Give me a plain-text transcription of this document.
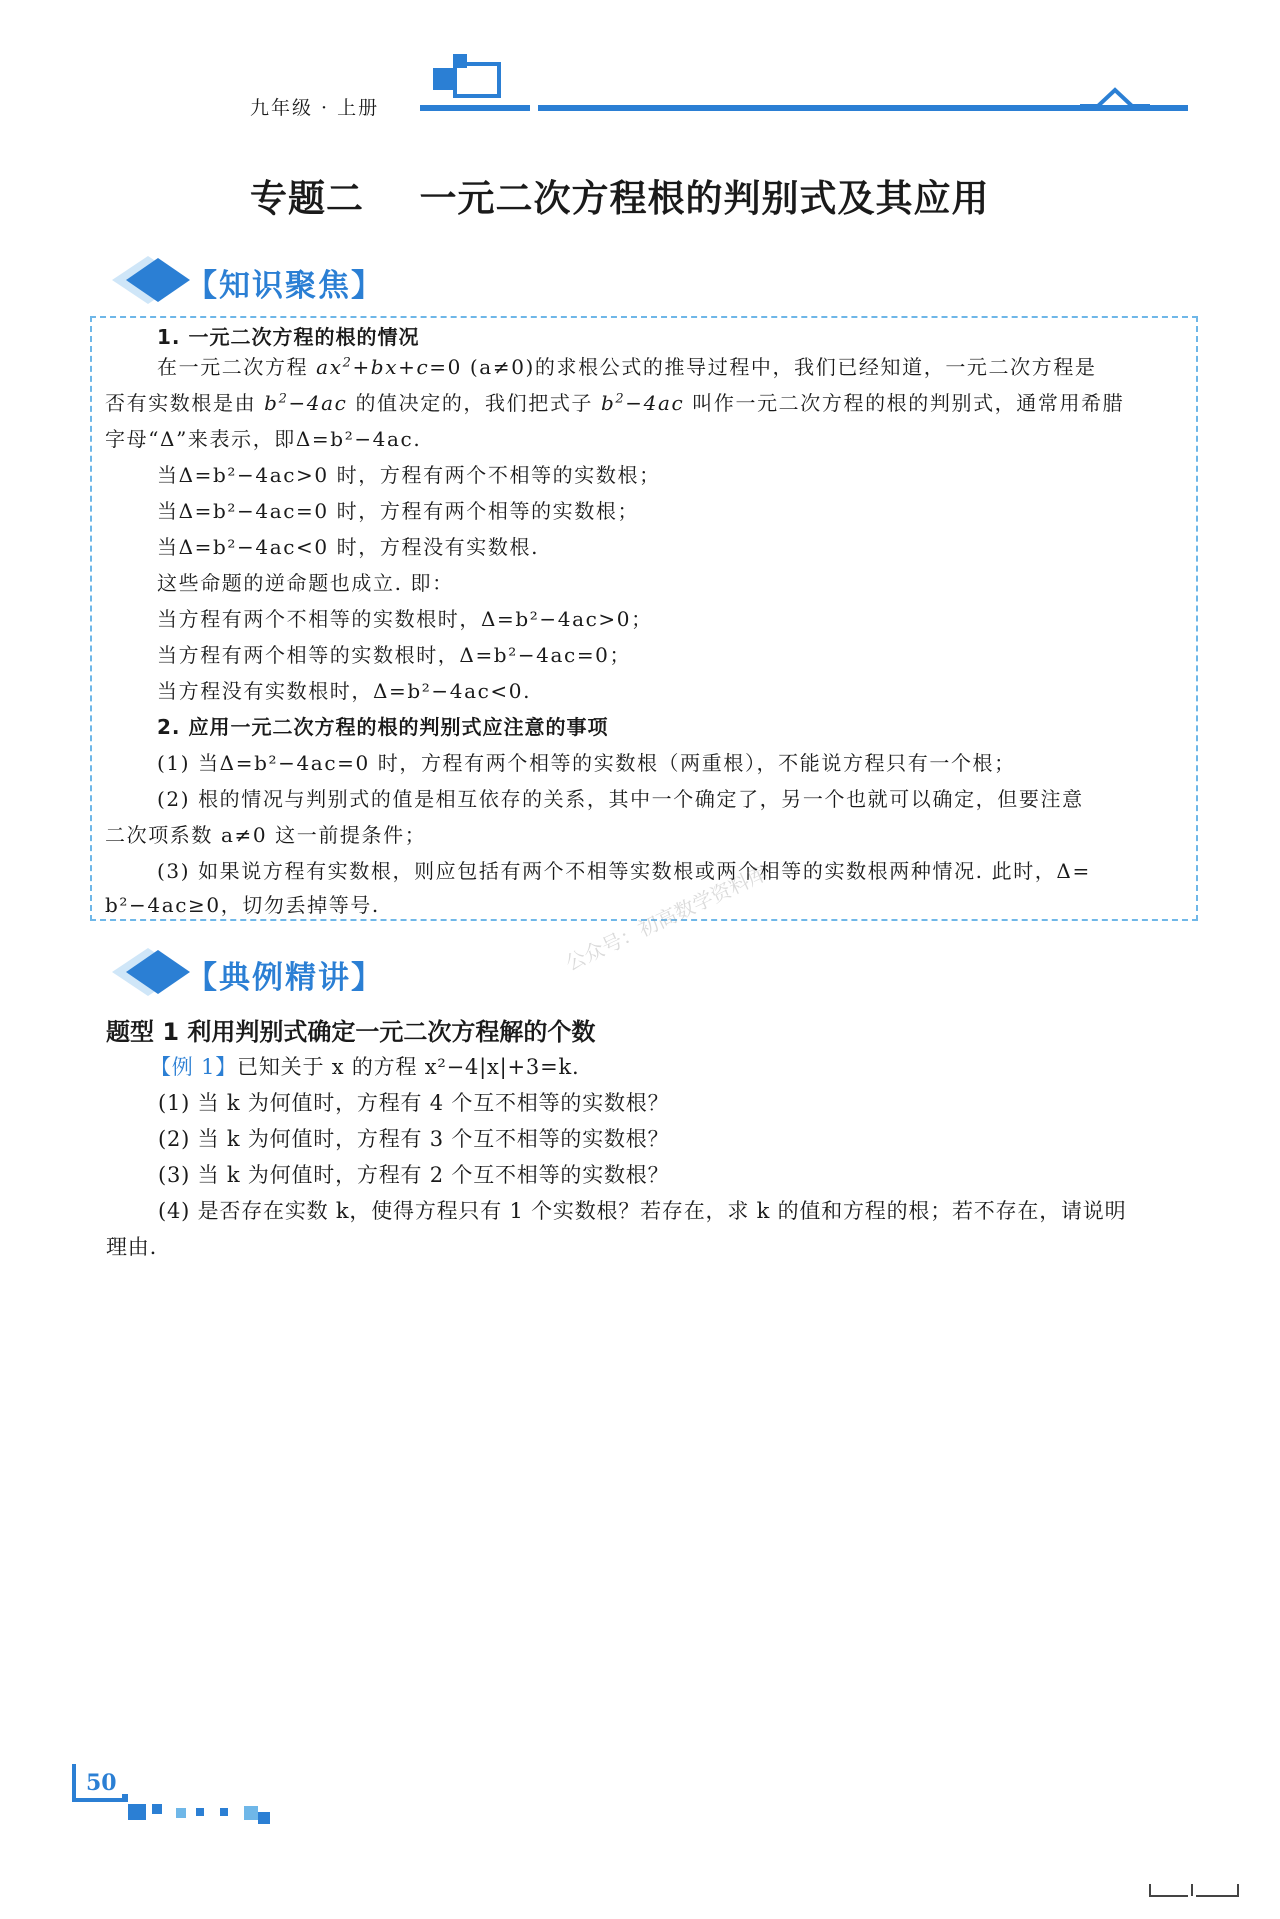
九年级 · 上册
专题二    一元二次方程根的判别式及其应用
【知识聚焦】
1. 一元二次方程的根的情况
在一元二次方程 $ax^2+bx+c=0$ (a≠0)的求根公式的推导过程中，我们已经知道，一元二次方程是
否有实数根是由 $b^2-4ac$ 的值决定的，我们把式子 $b^2-4ac$ 叫作一元二次方程的根的判别式，通常用希腊
字母“Δ”来表示，即Δ=b²−4ac.
当Δ=b²−4ac>0 时，方程有两个不相等的实数根；
当Δ=b²−4ac=0 时，方程有两个相等的实数根；
当Δ=b²−4ac<0 时，方程没有实数根.
这些命题的逆命题也成立. 即：
当方程有两个不相等的实数根时，Δ=b²−4ac>0；
当方程有两个相等的实数根时，Δ=b²−4ac=0；
当方程没有实数根时，Δ=b²−4ac<0.
2. 应用一元二次方程的根的判别式应注意的事项
(1) 当Δ=b²−4ac=0 时，方程有两个相等的实数根（两重根），不能说方程只有一个根；
(2) 根的情况与判别式的值是相互依存的关系，其中一个确定了，另一个也就可以确定，但要注意
二次项系数 a≠0 这一前提条件；
(3) 如果说方程有实数根，则应包括有两个不相等实数根或两个相等的实数根两种情况. 此时，Δ=
b²−4ac≥0，切勿丢掉等号.
【典例精讲】
公众号：初高数学资料库
题型 1 利用判别式确定一元二次方程解的个数
【例 1】已知关于 x 的方程 x²−4|x|+3=k.
(1) 当 k 为何值时，方程有 4 个互不相等的实数根？
(2) 当 k 为何值时，方程有 3 个互不相等的实数根？
(3) 当 k 为何值时，方程有 2 个互不相等的实数根？
(4) 是否存在实数 k，使得方程只有 1 个实数根？若存在，求 k 的值和方程的根；若不存在，请说明
理由.
50
